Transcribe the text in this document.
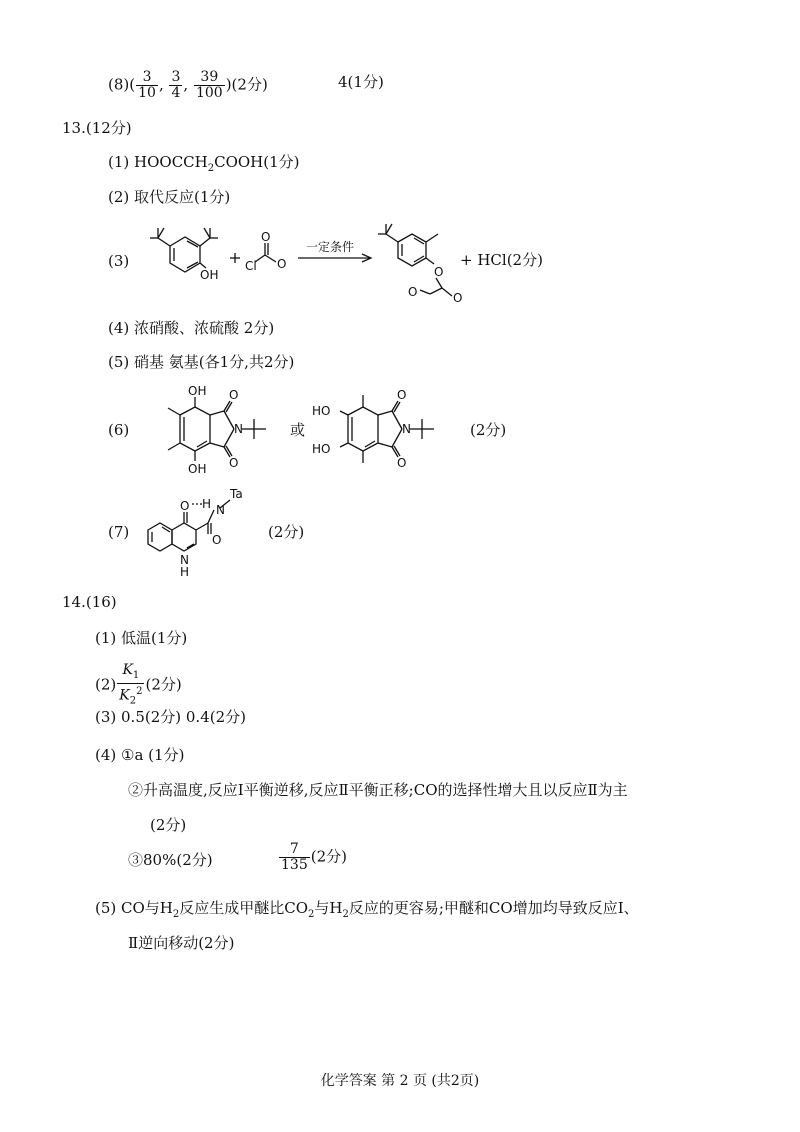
$(8)( \frac{3}{10}$ , $\frac{3}{4}$ , $\frac{39}{100} )(2$分)	4(1分)
13.(12分)
(1) $HOOCCH_2COOH(1$分)
(2) 取代反应(1分)
(3)
OH
Cl
O
O
O
O
O
一定条件
+ HCl(2分)
(4) 浓硝酸、浓硫酸 2分)
(5) 硝基 氨基(各1分,共2分)
(6)
OH
OH
O
O
N	或
HO
HO
O
O
N	(2分)
(7)
O H N
Ta
O
N
H
(2分)
14.(16)
(1) 低温(1分)
$(2) \frac{K_1}{K_2^2} (2$分)
(3) 0.5(2分) 0.4(2分)
(4) ①a (1分)
②升高温度,反应Ⅰ平衡逆移,反应Ⅱ平衡正移;CO的选择性增大且以反应Ⅱ为主
(2分)
③80%(2分)	$\frac{7}{135} (2$分)
(5) CO与$H_2$反应生成甲醚比$CO_2$与$H_2$反应的更容易;甲醚和CO增加均导致反应Ⅰ、
Ⅱ逆向移动(2分)
化学答案 第 2 页 (共2页)
